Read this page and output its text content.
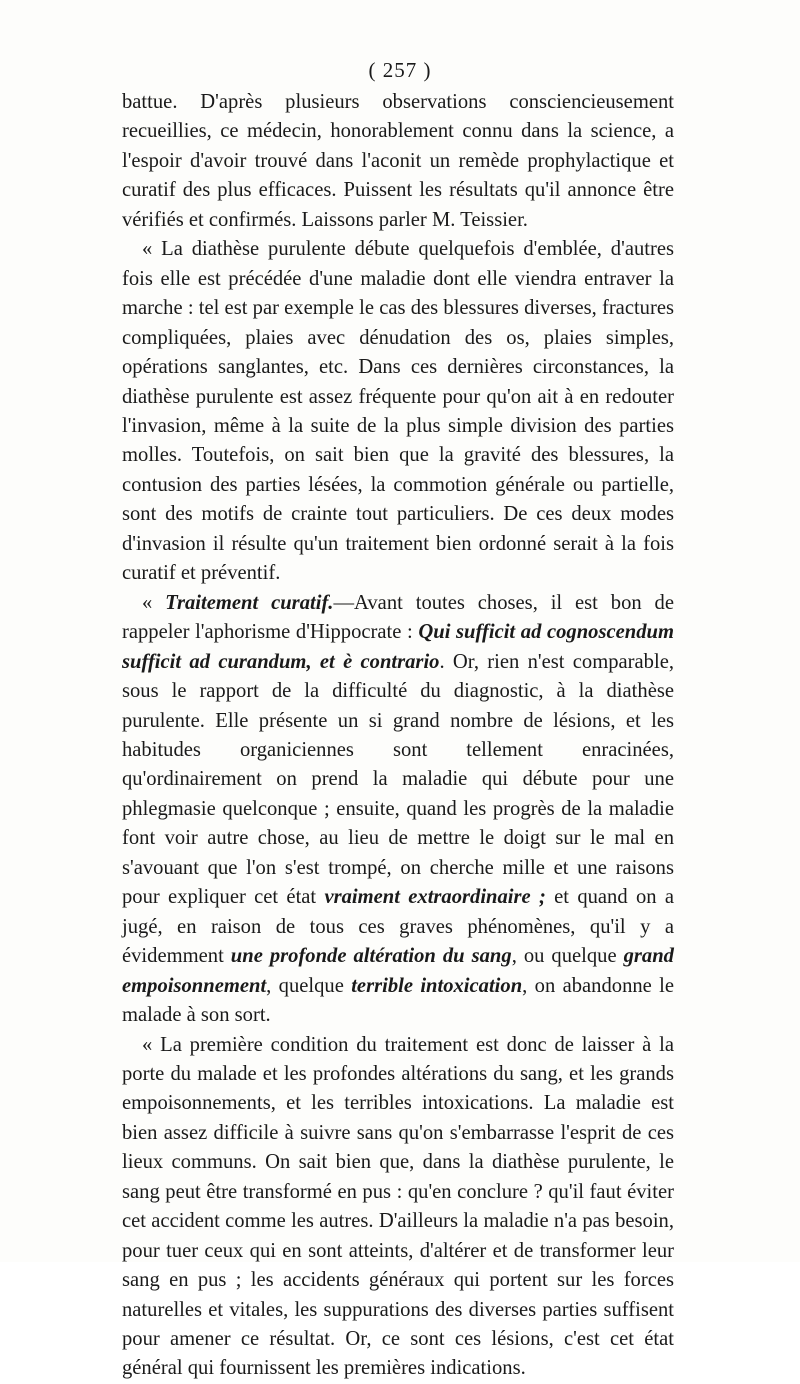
( 257 )

battue. D'après plusieurs observations consciencieusement recueillies, ce médecin, honorablement connu dans la science, a l'espoir d'avoir trouvé dans l'aconit un remède prophylactique et curatif des plus efficaces. Puissent les résultats qu'il annonce être vérifiés et confirmés. Laissons parler M. Teissier.

« La diathèse purulente débute quelquefois d'emblée, d'autres fois elle est précédée d'une maladie dont elle viendra entraver la marche : tel est par exemple le cas des blessures diverses, fractures compliquées, plaies avec dénudation des os, plaies simples, opérations sanglantes, etc. Dans ces dernières circonstances, la diathèse purulente est assez fréquente pour qu'on ait à en redouter l'invasion, même à la suite de la plus simple division des parties molles. Toutefois, on sait bien que la gravité des blessures, la contusion des parties lésées, la commotion générale ou partielle, sont des motifs de crainte tout particuliers. De ces deux modes d'invasion il résulte qu'un traitement bien ordonné serait à la fois curatif et préventif.

« Traitement curatif.—Avant toutes choses, il est bon de rappeler l'aphorisme d'Hippocrate : Qui sufficit ad cognoscendum sufficit ad curandum, et è contrario. Or, rien n'est comparable, sous le rapport de la difficulté du diagnostic, à la diathèse purulente. Elle présente un si grand nombre de lésions, et les habitudes organiciennes sont tellement enracinées, qu'ordinairement on prend la maladie qui débute pour une phlegmasie quelconque ; ensuite, quand les progrès de la maladie font voir autre chose, au lieu de mettre le doigt sur le mal en s'avouant que l'on s'est trompé, on cherche mille et une raisons pour expliquer cet état vraiment extraordinaire ; et quand on a jugé, en raison de tous ces graves phénomènes, qu'il y a évidemment une profonde altération du sang, ou quelque grand empoisonnement, quelque terrible intoxication, on abandonne le malade à son sort.

« La première condition du traitement est donc de laisser à la porte du malade et les profondes altérations du sang, et les grands empoisonnements, et les terribles intoxications. La maladie est bien assez difficile à suivre sans qu'on s'embarrasse l'esprit de ces lieux communs. On sait bien que, dans la diathèse purulente, le sang peut être transformé en pus : qu'en conclure ? qu'il faut éviter cet accident comme les autres. D'ailleurs la maladie n'a pas besoin, pour tuer ceux qui en sont atteints, d'altérer et de transformer leur sang en pus ; les accidents généraux qui portent sur les forces naturelles et vitales, les suppurations des diverses parties suffisent pour amener ce résultat. Or, ce sont ces lésions, c'est cet état général qui fournissent les premières indications.
